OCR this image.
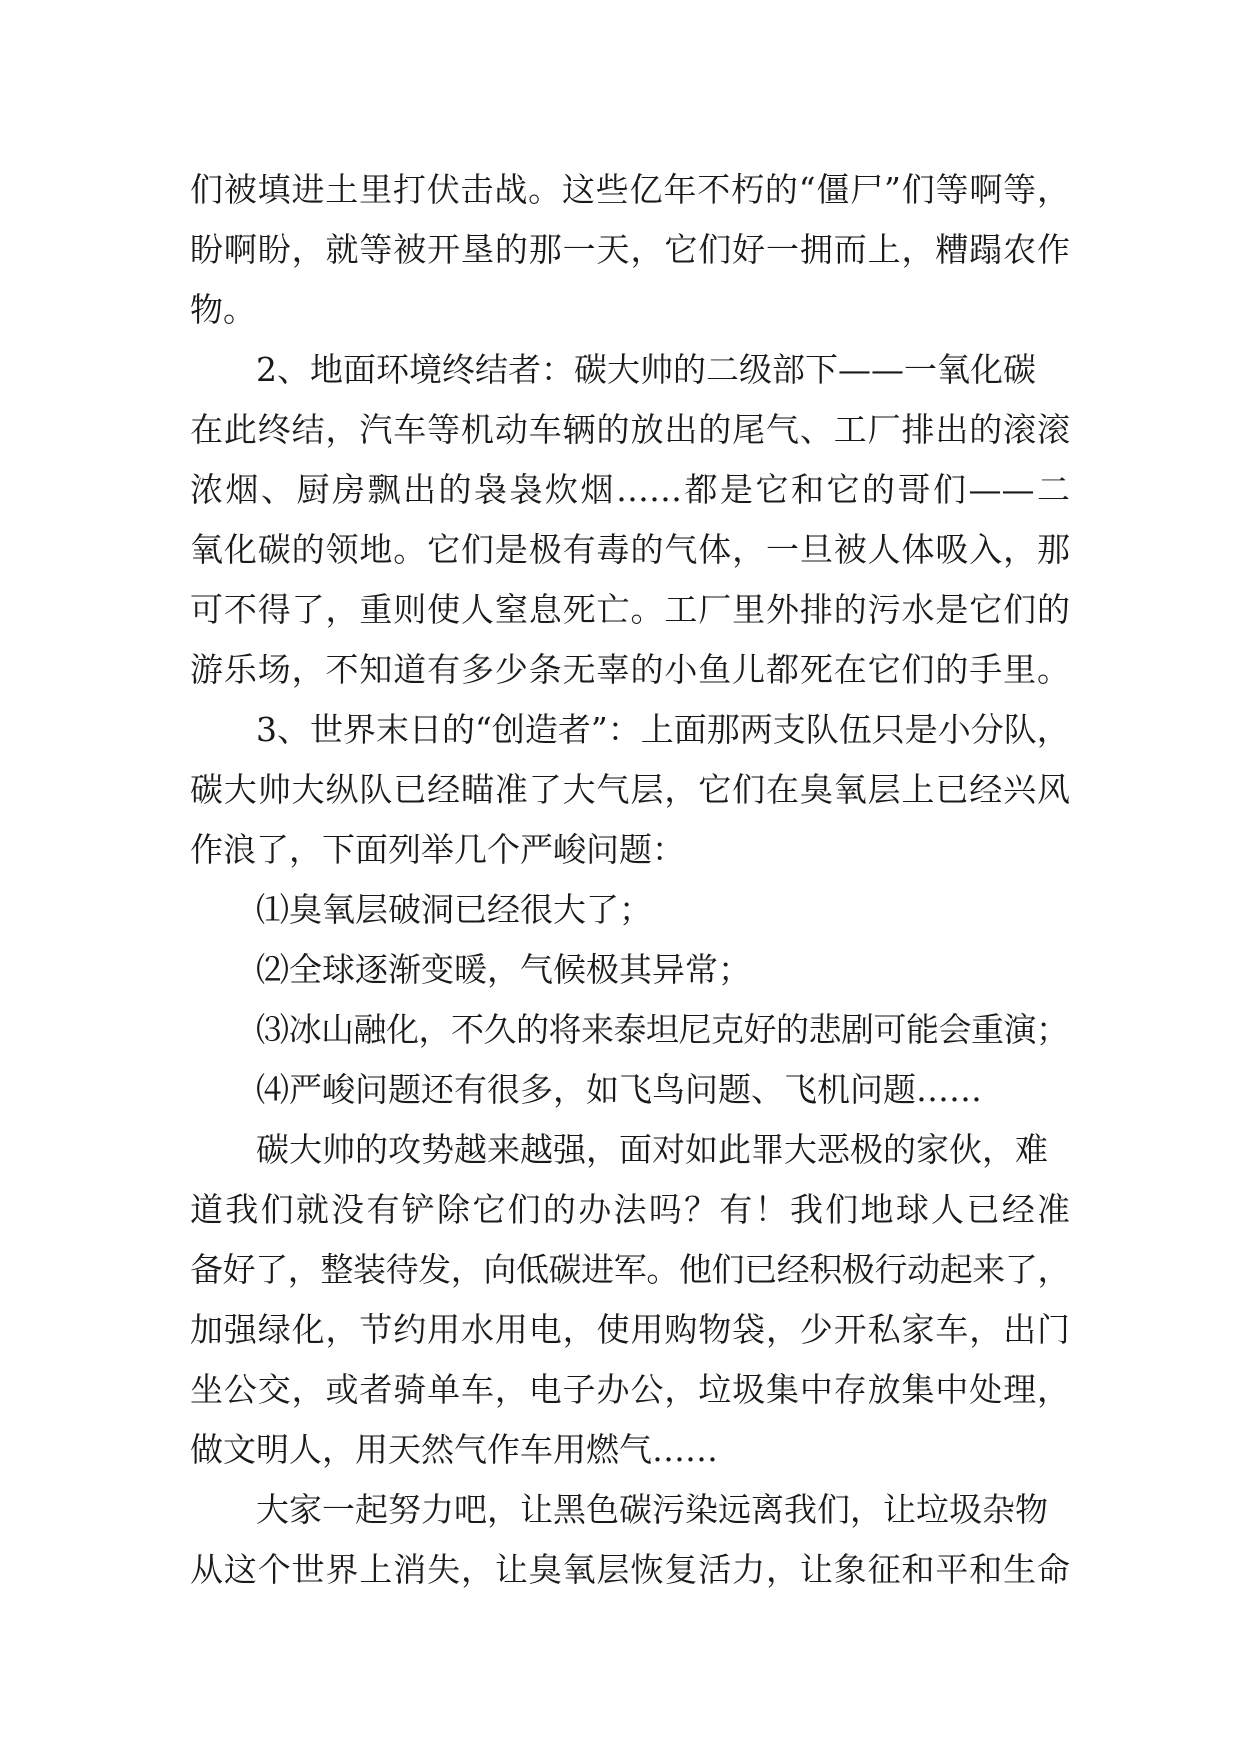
们被填进土里打伏击战。这些亿年不朽的“僵尸”们等啊等，
盼啊盼，就等被开垦的那一天，它们好一拥而上，糟蹋农作
物。
2、地面环境终结者：碳大帅的二级部下——一氧化碳
在此终结，汽车等机动车辆的放出的尾气、工厂排出的滚滚
浓烟、厨房飘出的袅袅炊烟……都是它和它的哥们——二
氧化碳的领地。它们是极有毒的气体，一旦被人体吸入，那
可不得了，重则使人窒息死亡。工厂里外排的污水是它们的
游乐场，不知道有多少条无辜的小鱼儿都死在它们的手里。
3、世界末日的“创造者”：上面那两支队伍只是小分队，
碳大帅大纵队已经瞄准了大气层，它们在臭氧层上已经兴风
作浪了，下面列举几个严峻问题：
⑴臭氧层破洞已经很大了；
⑵全球逐渐变暖，气候极其异常；
⑶冰山融化，不久的将来泰坦尼克好的悲剧可能会重演；
⑷严峻问题还有很多，如飞鸟问题、飞机问题……
碳大帅的攻势越来越强，面对如此罪大恶极的家伙，难
道我们就没有铲除它们的办法吗？有！我们地球人已经准
备好了，整装待发，向低碳进军。他们已经积极行动起来了，
加强绿化，节约用水用电，使用购物袋，少开私家车，出门
坐公交，或者骑单车，电子办公，垃圾集中存放集中处理，
做文明人，用天然气作车用燃气……
大家一起努力吧，让黑色碳污染远离我们，让垃圾杂物
从这个世界上消失，让臭氧层恢复活力，让象征和平和生命
